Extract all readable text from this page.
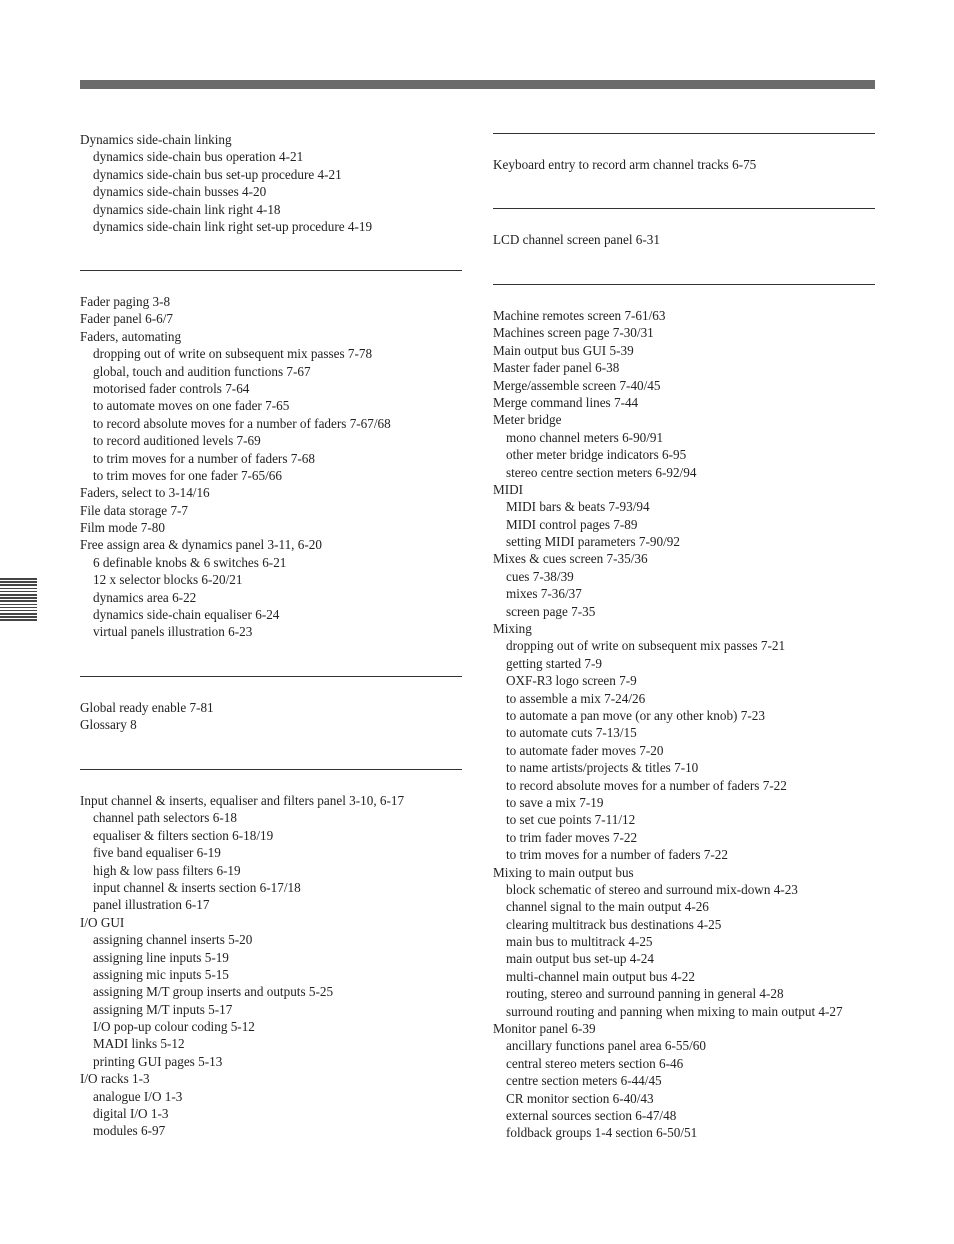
Dynamics side-chain linking
dynamics side-chain bus operation 4-21
dynamics side-chain bus set-up procedure 4-21
dynamics side-chain busses 4-20
dynamics side-chain link right 4-18
dynamics side-chain link right set-up procedure 4-19
Fader paging 3-8
Fader panel 6-6/7
Faders, automating
dropping out of write on subsequent mix passes 7-78
global, touch and audition functions 7-67
motorised fader controls 7-64
to automate moves on one fader 7-65
to record absolute moves for a number of faders 7-67/68
to record auditioned levels 7-69
to trim moves for a number of faders 7-68
to trim moves for one fader 7-65/66
Faders, select to 3-14/16
File data storage 7-7
Film mode 7-80
Free assign area & dynamics panel 3-11, 6-20
6 definable knobs & 6 switches 6-21
12 x selector blocks 6-20/21
dynamics area 6-22
dynamics side-chain equaliser 6-24
virtual panels illustration 6-23
Global ready enable 7-81
Glossary 8
Input channel & inserts, equaliser and filters panel 3-10, 6-17
channel path selectors 6-18
equaliser & filters section 6-18/19
five band equaliser 6-19
high & low pass filters 6-19
input channel & inserts section 6-17/18
panel illustration 6-17
I/O GUI
assigning channel inserts 5-20
assigning line inputs 5-19
assigning mic inputs 5-15
assigning M/T group inserts and outputs 5-25
assigning M/T inputs 5-17
I/O pop-up colour coding 5-12
MADI links 5-12
printing GUI pages 5-13
I/O racks 1-3
analogue I/O 1-3
digital I/O 1-3
modules 6-97
Keyboard entry to record arm channel tracks 6-75
LCD channel screen panel 6-31
Machine remotes screen 7-61/63
Machines screen page 7-30/31
Main output bus GUI 5-39
Master fader panel 6-38
Merge/assemble screen 7-40/45
Merge command lines 7-44
Meter bridge
mono channel meters 6-90/91
other meter bridge indicators 6-95
stereo centre section meters 6-92/94
MIDI
MIDI bars & beats 7-93/94
MIDI control pages 7-89
setting MIDI parameters 7-90/92
Mixes & cues screen 7-35/36
cues 7-38/39
mixes 7-36/37
screen page 7-35
Mixing
dropping out of write on subsequent mix passes 7-21
getting started 7-9
OXF-R3 logo screen 7-9
to assemble a mix 7-24/26
to automate a pan move (or any other knob) 7-23
to automate cuts 7-13/15
to automate fader moves 7-20
to name artists/projects & titles 7-10
to record absolute moves for a number of faders 7-22
to save a mix 7-19
to set cue points 7-11/12
to trim fader moves 7-22
to trim moves for a number of faders 7-22
Mixing to main output bus
block schematic of stereo and surround mix-down 4-23
channel signal to the main output 4-26
clearing multitrack bus destinations 4-25
main bus to multitrack 4-25
main output bus set-up 4-24
multi-channel main output bus 4-22
routing, stereo and surround panning in general 4-28
surround routing and panning when mixing to main output 4-27
Monitor panel 6-39
ancillary functions panel area 6-55/60
central stereo meters section 6-46
centre section meters 6-44/45
CR monitor section 6-40/43
external sources section 6-47/48
foldback groups 1-4 section 6-50/51
